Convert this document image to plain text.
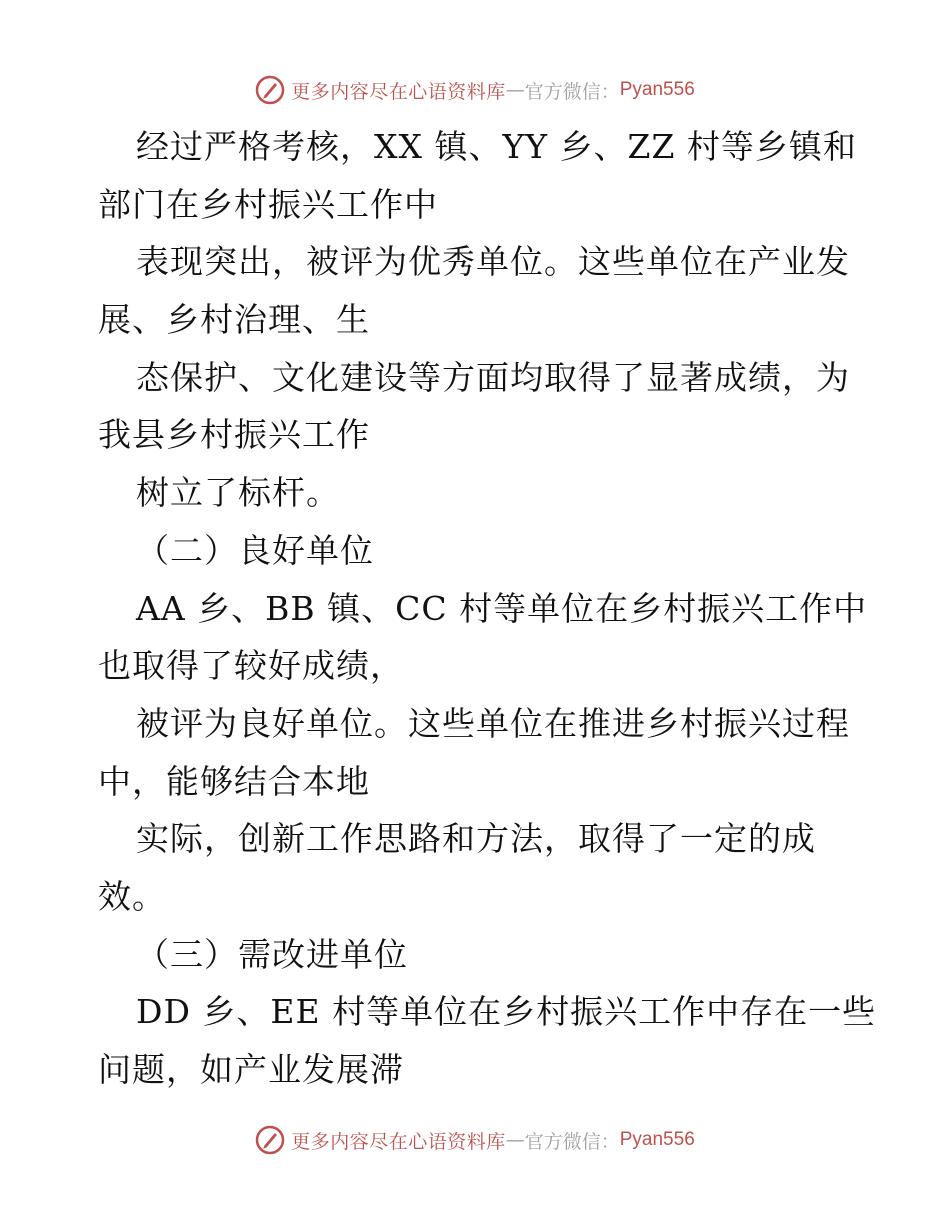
更多内容尽在心语资料库 — 官方微信： Pyan556
经过严格考核，XX 镇、YY 乡、ZZ 村等乡镇和
部门在乡村振兴工作中
表现突出，被评为优秀单位。这些单位在产业发
展、乡村治理、生
态保护、文化建设等方面均取得了显著成绩，为
我县乡村振兴工作
树立了标杆。
（二）良好单位
AA 乡、BB 镇、CC 村等单位在乡村振兴工作中
也取得了较好成绩，
被评为良好单位。这些单位在推进乡村振兴过程
中，能够结合本地
实际，创新工作思路和方法，取得了一定的成
效。
（三）需改进单位
DD 乡、EE 村等单位在乡村振兴工作中存在一些
问题，如产业发展滞
更多内容尽在心语资料库 — 官方微信： Pyan556
